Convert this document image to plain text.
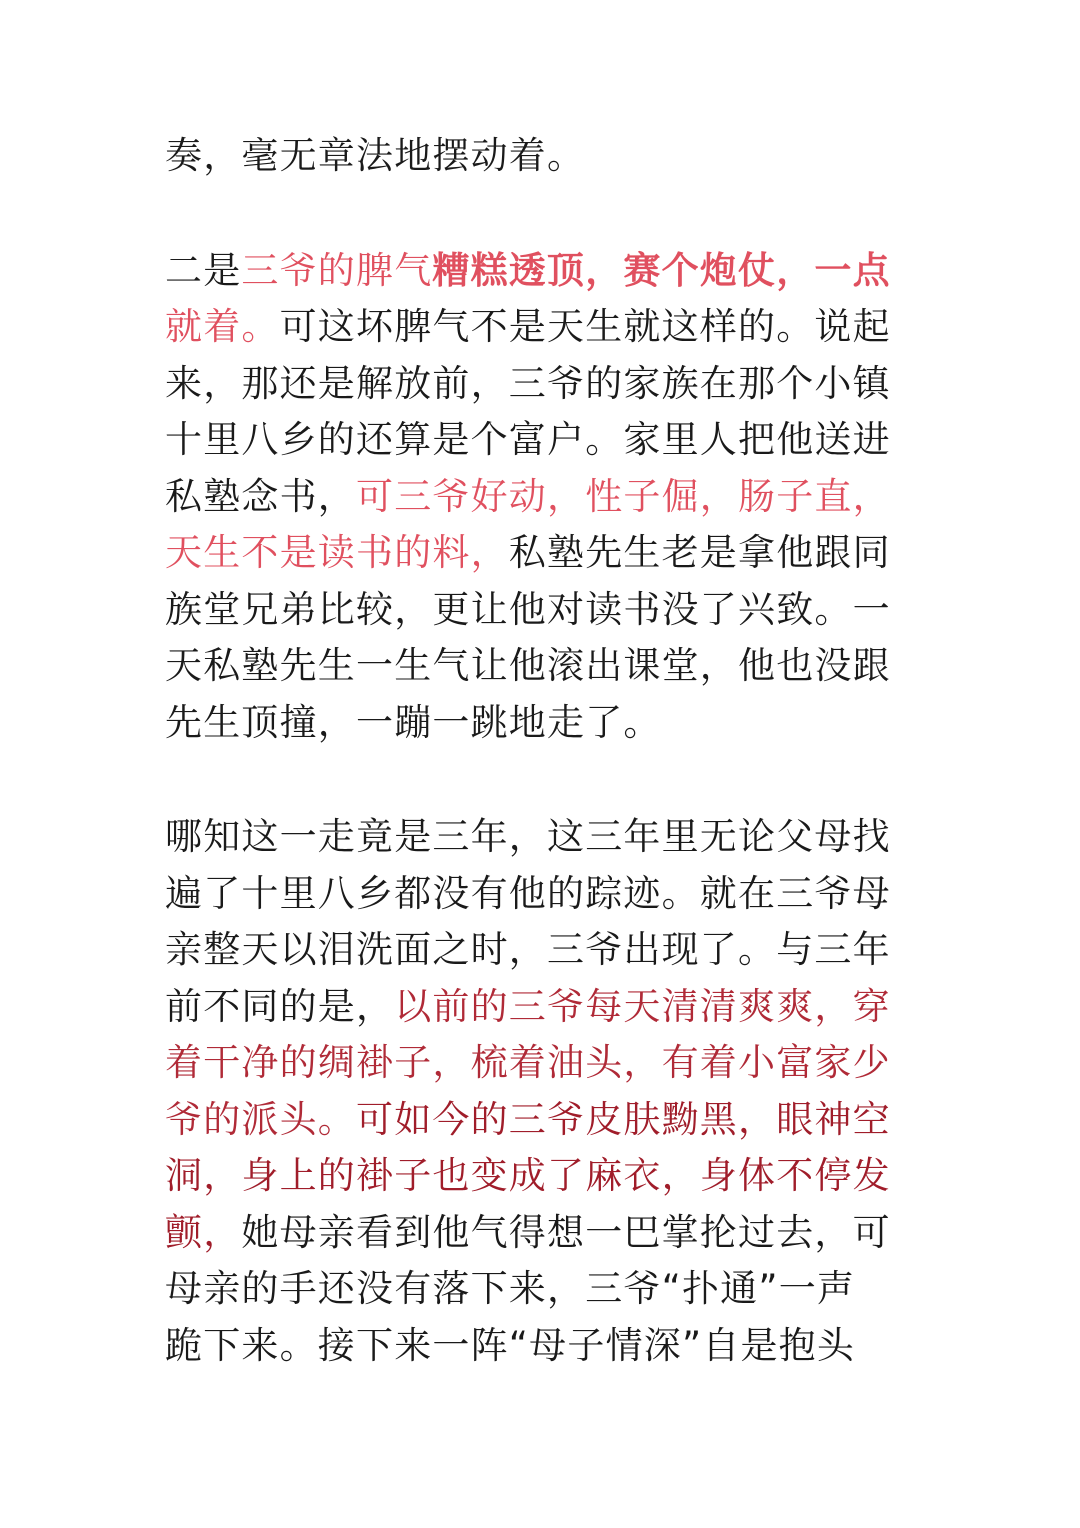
奏，毫无章法地摆动着。
二是三爷的脾气糟糕透顶，赛个炮仗，一点
就着。可这坏脾气不是天生就这样的。说起
来，那还是解放前，三爷的家族在那个小镇
十里八乡的还算是个富户。家里人把他送进
私塾念书，可三爷好动，性子倔，肠子直，
天生不是读书的料，私塾先生老是拿他跟同
族堂兄弟比较，更让他对读书没了兴致。一
天私塾先生一生气让他滚出课堂，他也没跟
先生顶撞，一蹦一跳地走了。
哪知这一走竟是三年，这三年里无论父母找
遍了十里八乡都没有他的踪迹。就在三爷母
亲整天以泪洗面之时，三爷出现了。与三年
前不同的是，以前的三爷每天清清爽爽，穿
着干净的绸褂子，梳着油头，有着小富家少
爷的派头。可如今的三爷皮肤黝黑，眼神空
洞，身上的褂子也变成了麻衣，身体不停发
颤，她母亲看到他气得想一巴掌抡过去，可
母亲的手还没有落下来，三爷“扑通”一声
跪下来。接下来一阵“母子情深”自是抱头
